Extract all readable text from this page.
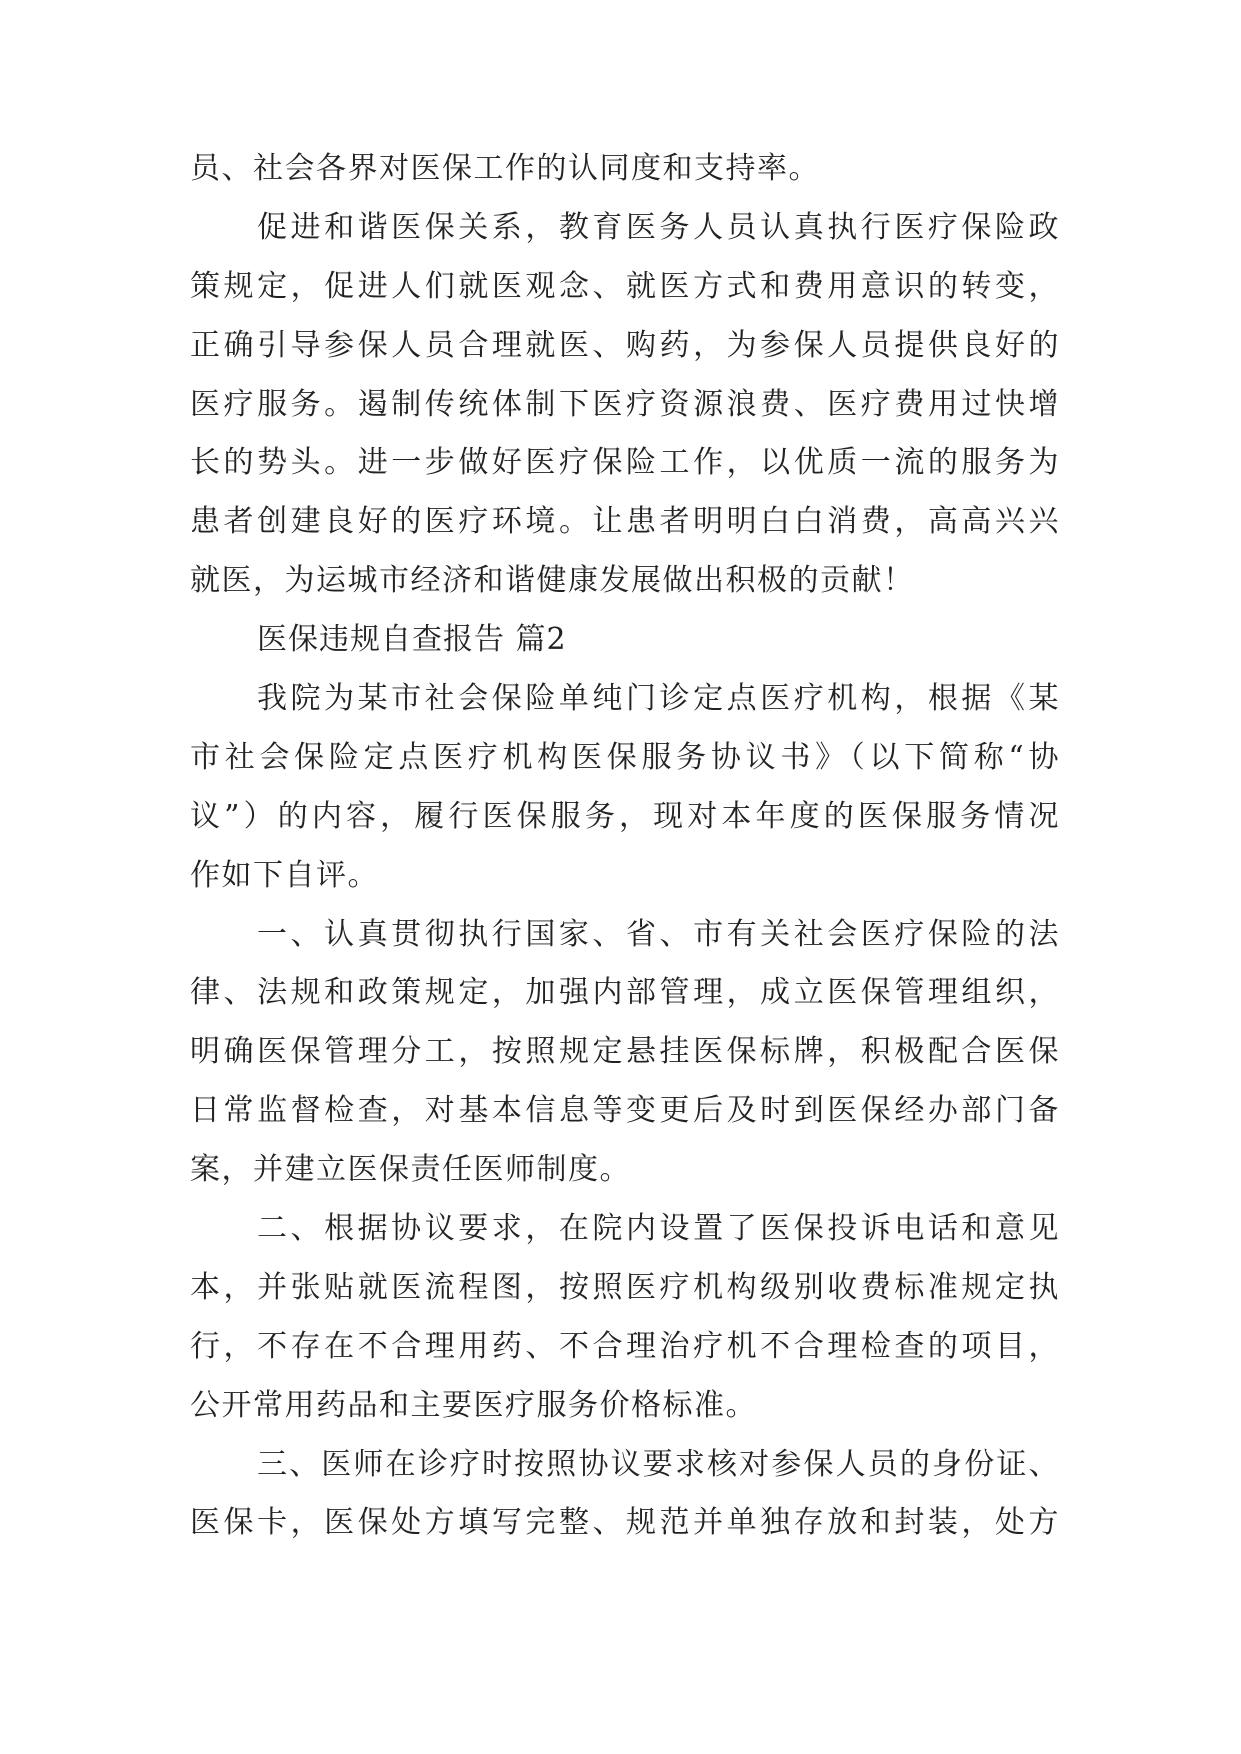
员、社会各界对医保工作的认同度和支持率。
促进和谐医保关系，教育医务人员认真执行医疗保险政
策规定，促进人们就医观念、就医方式和费用意识的转变，
正确引导参保人员合理就医、购药，为参保人员提供良好的
医疗服务。遏制传统体制下医疗资源浪费、医疗费用过快增
长的势头。进一步做好医疗保险工作，以优质一流的服务为
患者创建良好的医疗环境。让患者明明白白消费，高高兴兴
就医，为运城市经济和谐健康发展做出积极的贡献！
医保违规自查报告 篇2
我院为某市社会保险单纯门诊定点医疗机构，根据《某
市社会保险定点医疗机构医保服务协议书》（以下简称“协
议”）的内容，履行医保服务，现对本年度的医保服务情况
作如下自评。
一、认真贯彻执行国家、省、市有关社会医疗保险的法
律、法规和政策规定，加强内部管理，成立医保管理组织，
明确医保管理分工，按照规定悬挂医保标牌，积极配合医保
日常监督检查，对基本信息等变更后及时到医保经办部门备
案，并建立医保责任医师制度。
二、根据协议要求，在院内设置了医保投诉电话和意见
本，并张贴就医流程图，按照医疗机构级别收费标准规定执
行，不存在不合理用药、不合理治疗机不合理检查的项目，
公开常用药品和主要医疗服务价格标准。
三、医师在诊疗时按照协议要求核对参保人员的身份证、
医保卡，医保处方填写完整、规范并单独存放和封装，处方
